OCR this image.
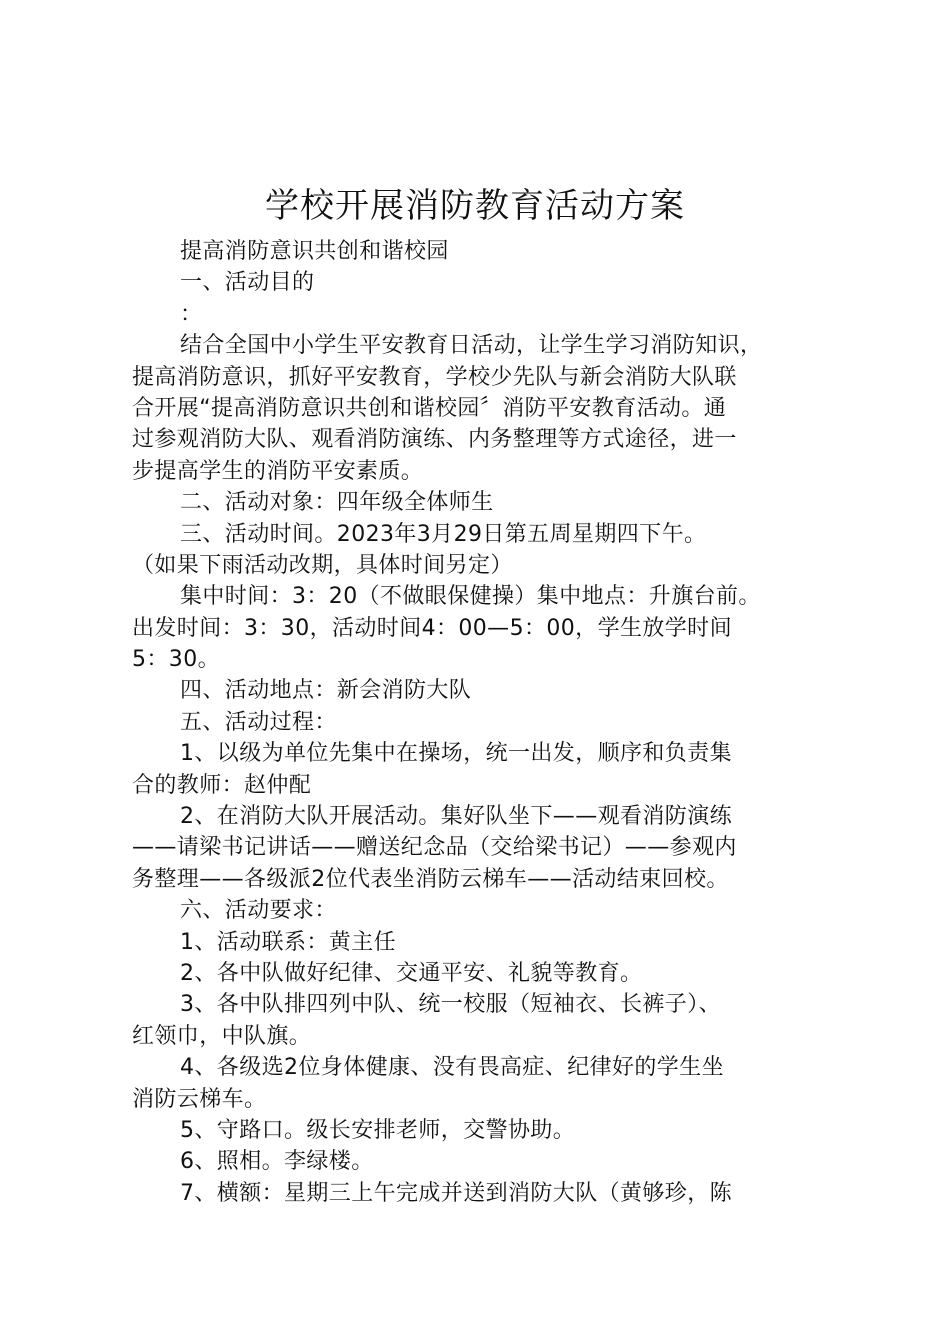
学校开展消防教育活动方案
提高消防意识共创和谐校园
一、活动目的
：
结合全国中小学生平安教育日活动，让学生学习消防知识，
提高消防意识，抓好平安教育，学校少先队与新会消防大队联
合开展“提高消防意识共创和谐校园〞消防平安教育活动。通
过参观消防大队、观看消防演练、内务整理等方式途径，进一
步提高学生的消防平安素质。
二、活动对象：四年级全体师生
三、活动时间。2023年3月29日第五周星期四下午。
（如果下雨活动改期，具体时间另定）
集中时间：3：20（不做眼保健操）集中地点：升旗台前。
出发时间：3：30，活动时间4：00—5：00，学生放学时间
5：30。
四、活动地点：新会消防大队
五、活动过程：
1、以级为单位先集中在操场，统一出发，顺序和负责集
合的教师：赵仲配
2、在消防大队开展活动。集好队坐下——观看消防演练
——请梁书记讲话——赠送纪念品（交给梁书记）——参观内
务整理——各级派2位代表坐消防云梯车——活动结束回校。
六、活动要求：
1、活动联系：黄主任
2、各中队做好纪律、交通平安、礼貌等教育。
3、各中队排四列中队、统一校服（短袖衣、长裤子）、
红领巾，中队旗。
4、各级选2位身体健康、没有畏高症、纪律好的学生坐
消防云梯车。
5、守路口。级长安排老师，交警协助。
6、照相。李绿楼。
7、横额：星期三上午完成并送到消防大队（黄够珍，陈
